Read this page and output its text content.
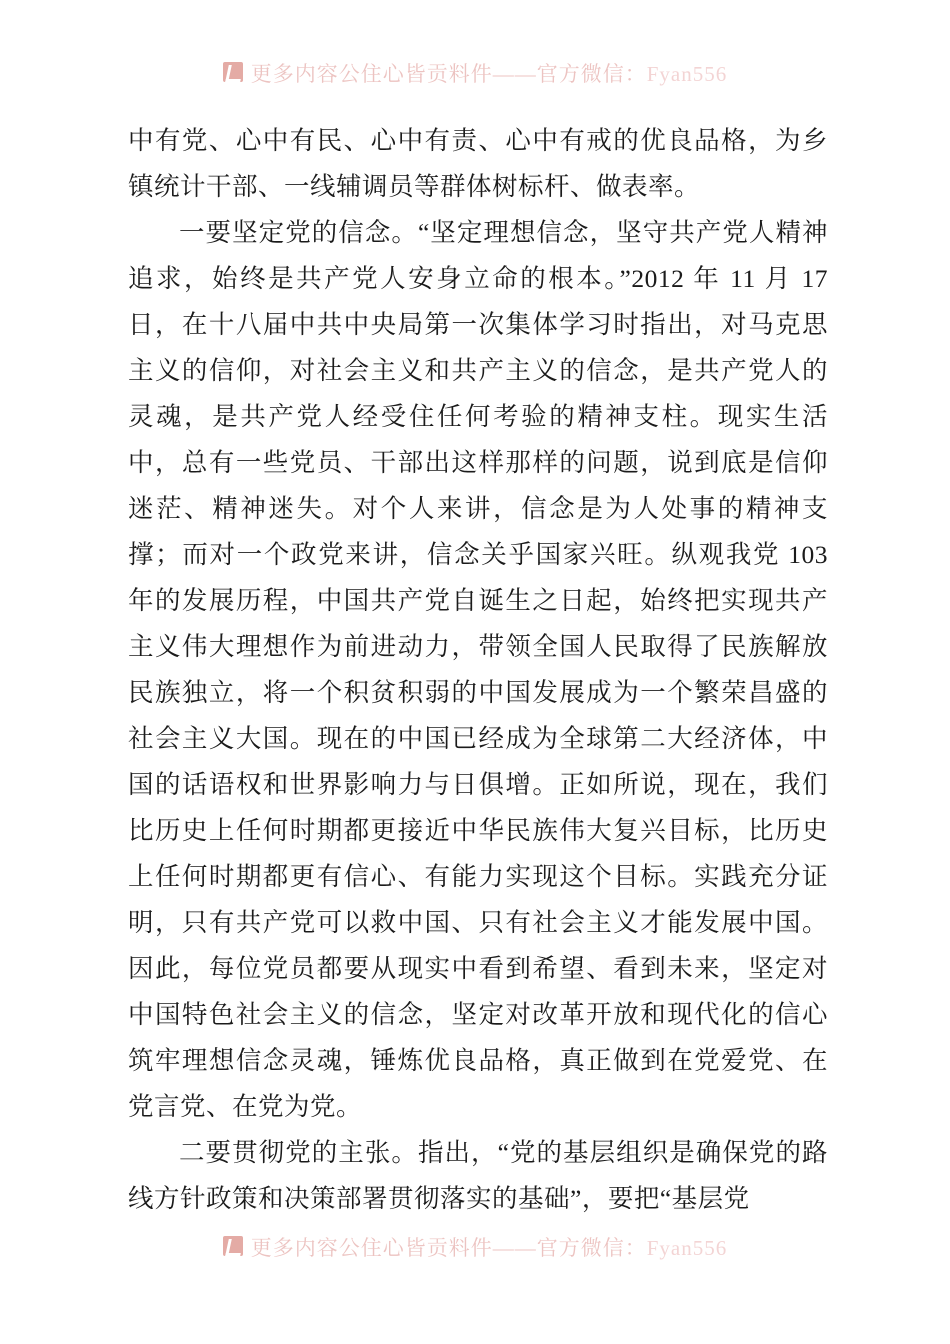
更多内容公住心皆贡料件——官方微信：Fyan556

中有党、心中有民、心中有责、心中有戒的优良品格，为乡镇统计干部、一线辅调员等群体树标杆、做表率。

一要坚定党的信念。“坚定理想信念，坚守共产党人精神追求，始终是共产党人安身立命的根本。”2012 年 11 月 17 日，在十八届中共中央局第一次集体学习时指出，对马克思主义的信仰，对社会主义和共产主义的信念，是共产党人的灵魂，是共产党人经受住任何考验的精神支柱。现实生活中，总有一些党员、干部出这样那样的问题，说到底是信仰迷茫、精神迷失。对个人来讲，信念是为人处事的精神支撑；而对一个政党来讲，信念关乎国家兴旺。纵观我党 103 年的发展历程，中国共产党自诞生之日起，始终把实现共产主义伟大理想作为前进动力，带领全国人民取得了民族解放民族独立，将一个积贫积弱的中国发展成为一个繁荣昌盛的社会主义大国。现在的中国已经成为全球第二大经济体，中国的话语权和世界影响力与日俱增。正如所说，现在，我们比历史上任何时期都更接近中华民族伟大复兴目标，比历史上任何时期都更有信心、有能力实现这个目标。实践充分证明，只有共产党可以救中国、只有社会主义才能发展中国。因此，每位党员都要从现实中看到希望、看到未来，坚定对中国特色社会主义的信念，坚定对改革开放和现代化的信心筑牢理想信念灵魂，锤炼优良品格，真正做到在党爱党、在党言党、在党为党。

二要贯彻党的主张。指出，“党的基层组织是确保党的路线方针政策和决策部署贯彻落实的基础”，要把“基层党

更多内容公住心皆贡料件——官方微信：Fyan556
